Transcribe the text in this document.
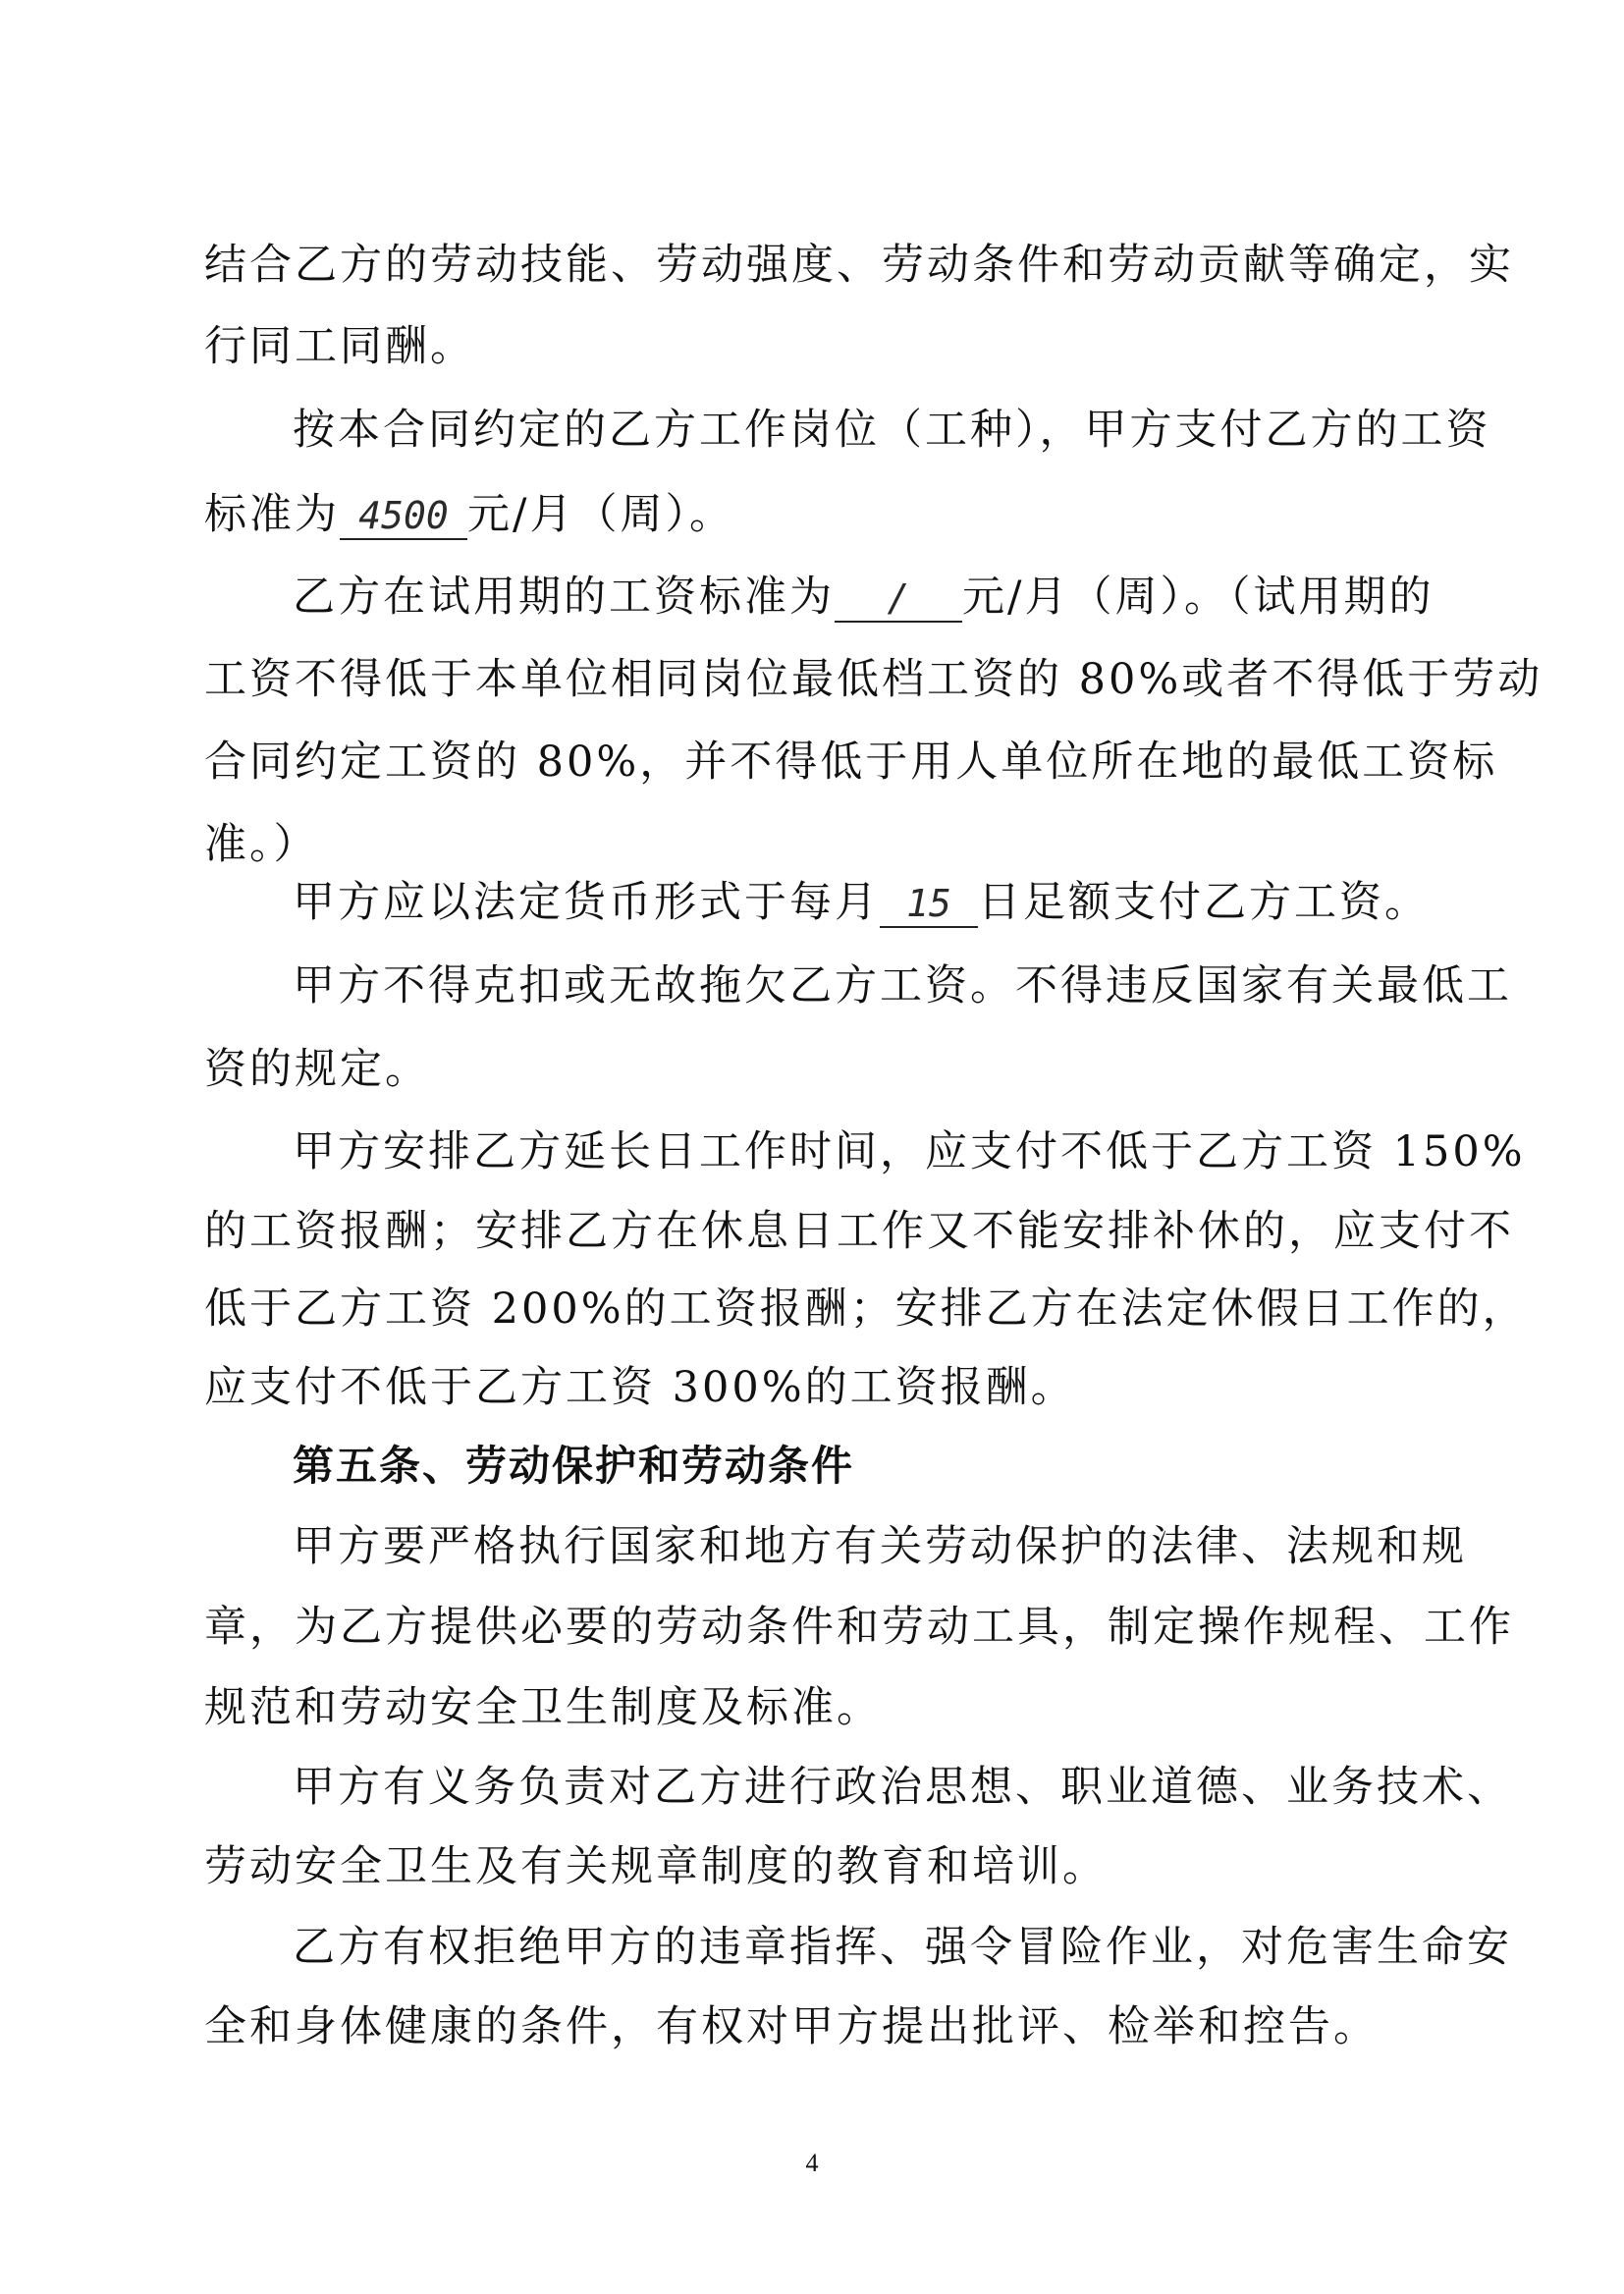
结合乙方的劳动技能、劳动强度、劳动条件和劳动贡献等确定，实
行同工同酬。
按本合同约定的乙方工作岗位（工种），甲方支付乙方的工资
标准为 4500 元/月（周）。
乙方在试用期的工资标准为 / 元/月（周）。（试用期的
工资不得低于本单位相同岗位最低档工资的 80%或者不得低于劳动
合同约定工资的 80%，并不得低于用人单位所在地的最低工资标
准。）
甲方应以法定货币形式于每月 15 日足额支付乙方工资。
甲方不得克扣或无故拖欠乙方工资。不得违反国家有关最低工
资的规定。
甲方安排乙方延长日工作时间，应支付不低于乙方工资 150%
的工资报酬；安排乙方在休息日工作又不能安排补休的，应支付不
低于乙方工资 200%的工资报酬；安排乙方在法定休假日工作的，
应支付不低于乙方工资 300%的工资报酬。
第五条、劳动保护和劳动条件
甲方要严格执行国家和地方有关劳动保护的法律、法规和规
章，为乙方提供必要的劳动条件和劳动工具，制定操作规程、工作
规范和劳动安全卫生制度及标准。
甲方有义务负责对乙方进行政治思想、职业道德、业务技术、
劳动安全卫生及有关规章制度的教育和培训。
乙方有权拒绝甲方的违章指挥、强令冒险作业，对危害生命安
全和身体健康的条件，有权对甲方提出批评、检举和控告。
4
